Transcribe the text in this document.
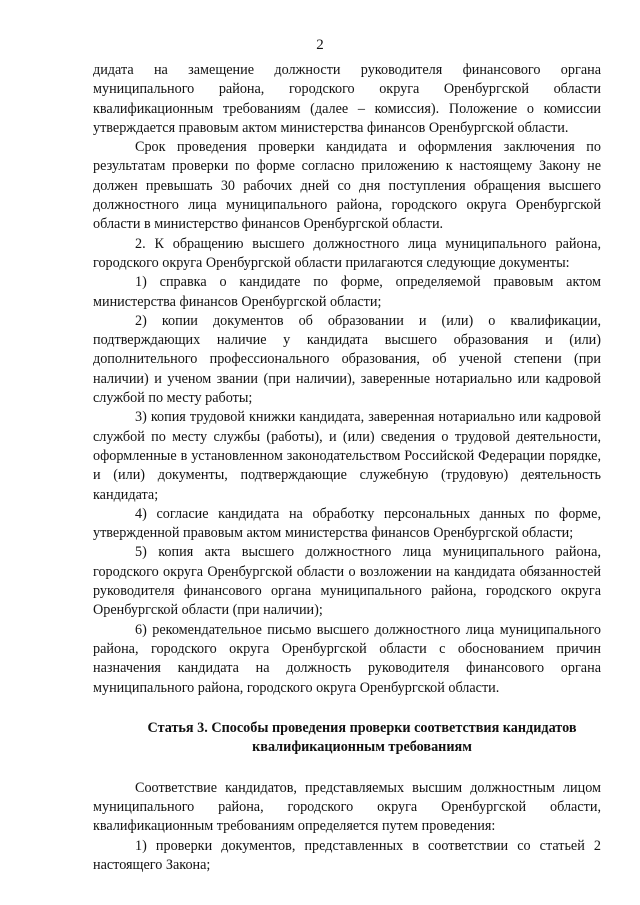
2

дидата на замещение должности руководителя финансового органа муниципального района, городского округа Оренбургской области квалификационным требованиям (далее – комиссия). Положение о комиссии утверждается правовым актом министерства финансов Оренбургской области.

Срок проведения проверки кандидата и оформления заключения по результатам проверки по форме согласно приложению к настоящему Закону не должен превышать 30 рабочих дней со дня поступления обращения высшего должностного лица муниципального района, городского округа Оренбургской области в министерство финансов Оренбургской области.

2. К обращению высшего должностного лица муниципального района, городского округа Оренбургской области прилагаются следующие документы:

1) справка о кандидате по форме, определяемой правовым актом министерства финансов Оренбургской области;

2) копии документов об образовании и (или) о квалификации, подтверждающих наличие у кандидата высшего образования и (или) дополнительного профессионального образования, об ученой степени (при наличии) и ученом звании (при наличии), заверенные нотариально или кадровой службой по месту работы;

3) копия трудовой книжки кандидата, заверенная нотариально или кадровой службой по месту службы (работы), и (или) сведения о трудовой деятельности, оформленные в установленном законодательством Российской Федерации порядке, и (или) документы, подтверждающие служебную (трудовую) деятельность кандидата;

4) согласие кандидата на обработку персональных данных по форме, утвержденной правовым актом министерства финансов Оренбургской области;

5) копия акта высшего должностного лица муниципального района, городского округа Оренбургской области о возложении на кандидата обязанностей руководителя финансового органа муниципального района, городского округа Оренбургской области (при наличии);

6) рекомендательное письмо высшего должностного лица муниципального района, городского округа Оренбургской области с обоснованием причин назначения кандидата на должность руководителя финансового органа муниципального района, городского округа Оренбургской области.

Статья 3. Способы проведения проверки соответствия кандидатов
квалификационным требованиям

Соответствие кандидатов, представляемых высшим должностным лицом муниципального района, городского округа Оренбургской области, квалификационным требованиям определяется путем проведения:

1) проверки документов, представленных в соответствии со статьей 2 настоящего Закона;
